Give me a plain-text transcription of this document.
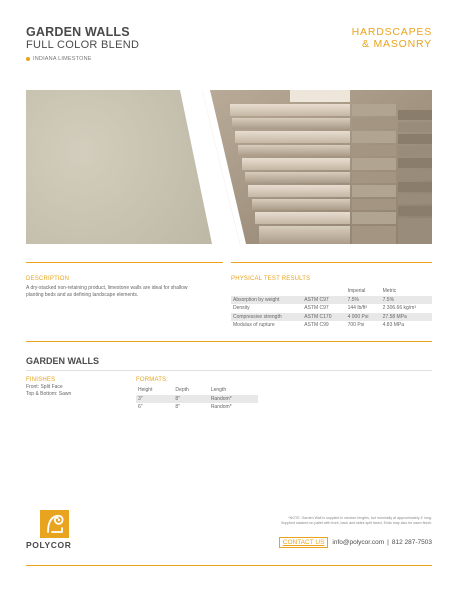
GARDEN WALLS
FULL COLOR BLEND
INDIANA LIMESTONE
HARDSCAPES
& MASONRY
DESCRIPTION
A dry-stacked non-retaining product, limestone walls are ideal for shallow planting beds and as defining landscape elements.
PHYSICAL TEST RESULTS
		Imperial	Metric
Absorption by weight	ASTM C97	7.5%	7.5%
Density	ASTM C97	144 lb/ft³	2 306.66 kg/m³
Compressive strength	ASTM C170	4 000 Psi	27.58 MPa
Modulus of rupture	ASTM C99	700 Psi	4.83 MPa
GARDEN WALLS
FINISHES
Front: Split Face
Top & Bottom: Sawn
FORMATS:
Height	Depth	Length
3"	8"	Random*
6"	8"	Random*
POLYCOR
*NOTE: Garden Wall is supplied in random lengths, but nominally at approximately 4' long.
Supplied stacked on pallet with front, back and sides split faced. Ends may also be sawn finish.
CONTACT US	info@polycor.com | 812 287-7503
